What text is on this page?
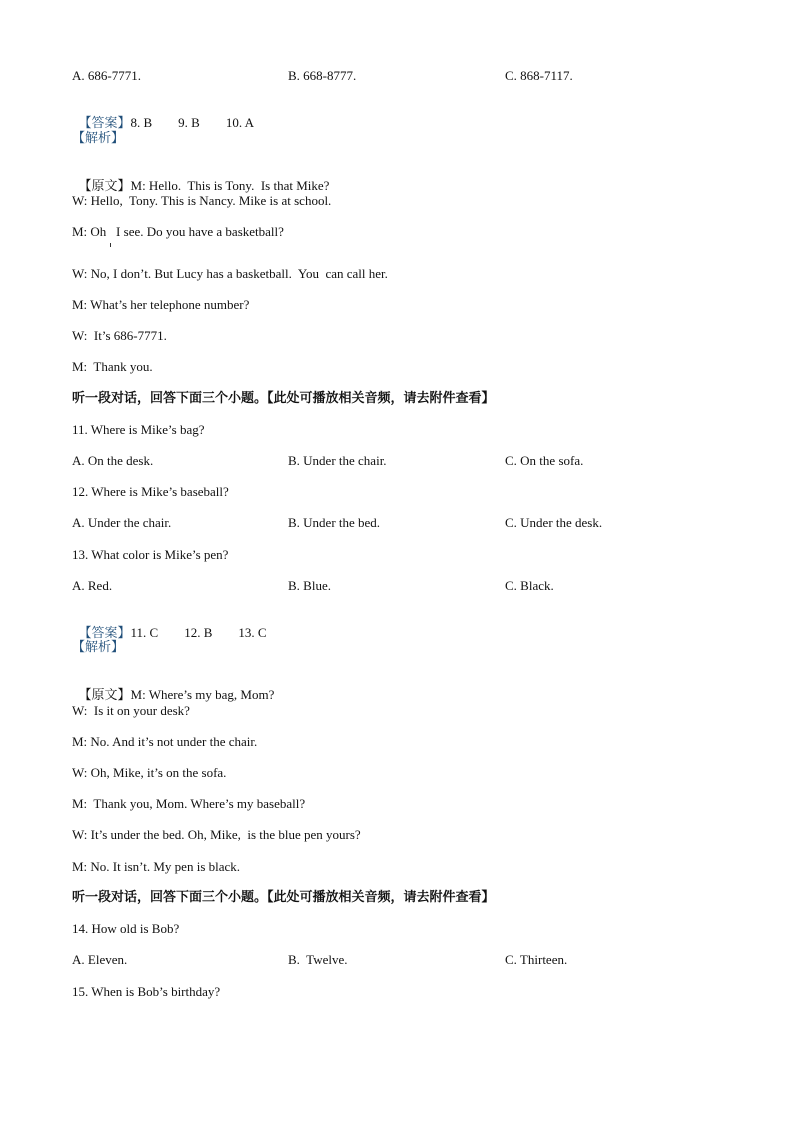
A. 686-7771.	B. 668-8777.	C. 868-7117.

【答案】8. B        9. B        10. A

【解析】

【原文】M: Hello.  This is Tony.  Is that Mike?

W: Hello,  Tony. This is Nancy. Mike is at school.
M: Oh   I see. Do you have a basketball?
W: No, I don’t. But Lucy has a basketball.  You  can call her.
M: What’s her telephone number?
W:  It’s 686-7771.
M:  Thank you.
听一段对话，回答下面三个小题。【此处可播放相关音频，请去附件查看】
11. Where is Mike’s bag?
A. On the desk.	B. Under the chair.	C. On the sofa.
12. Where is Mike’s baseball?
A. Under the chair.	B. Under the bed.	C. Under the desk.
13. What color is Mike’s pen?
A. Red.	B. Blue.	C. Black.

【答案】11. C        12. B        13. C

【解析】

【原文】M: Where’s my bag, Mom?

W:  Is it on your desk?
M: No. And it’s not under the chair.
W: Oh, Mike, it’s on the sofa.
M:  Thank you, Mom. Where’s my baseball?
W: It’s under the bed. Oh, Mike,  is the blue pen yours?
M: No. It isn’t. My pen is black.
听一段对话，回答下面三个小题。【此处可播放相关音频，请去附件查看】
14. How old is Bob?
A. Eleven.	B.  Twelve.	C. Thirteen.
15. When is Bob’s birthday?
